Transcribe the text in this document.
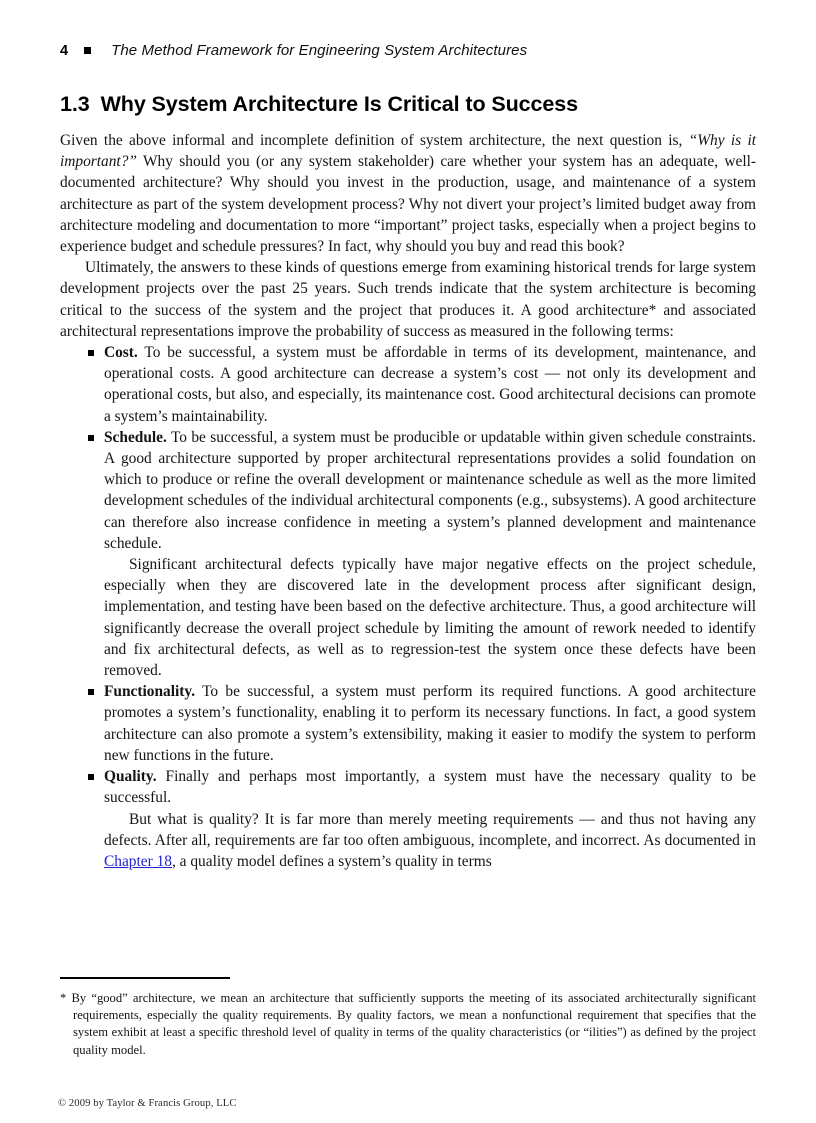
4	The Method Framework for Engineering System Architectures
1.3 Why System Architecture Is Critical to Success

Given the above informal and incomplete definition of system architecture, the next question is, “Why is it important?” Why should you (or any system stakeholder) care whether your system has an adequate, well-documented architecture? Why should you invest in the production, usage, and maintenance of a system architecture as part of the system development process? Why not divert your project’s limited budget away from architecture modeling and documentation to more “important” project tasks, especially when a project begins to experience budget and schedule pressures? In fact, why should you buy and read this book?

Ultimately, the answers to these kinds of questions emerge from examining historical trends for large system development projects over the past 25 years. Such trends indicate that the system architecture is becoming critical to the success of the system and the project that produces it. A good architecture* and associated architectural representations improve the probability of success as measured in the following terms:

Cost. To be successful, a system must be affordable in terms of its development, maintenance, and operational costs. A good architecture can decrease a system’s cost — not only its development and operational costs, but also, and especially, its maintenance cost. Good architectural decisions can promote a system’s maintainability.
Schedule. To be successful, a system must be producible or updatable within given schedule constraints. A good architecture supported by proper architectural representations provides a solid foundation on which to produce or refine the overall development or maintenance schedule as well as the more limited development schedules of the individual architectural components (e.g., subsystems). A good architecture can therefore also increase confidence in meeting a system’s planned development and maintenance schedule.

Significant architectural defects typically have major negative effects on the project schedule, especially when they are discovered late in the development process after significant design, implementation, and testing have been based on the defective architecture. Thus, a good architecture will significantly decrease the overall project schedule by limiting the amount of rework needed to identify and fix architectural defects, as well as to regression-test the system once these defects have been removed.

Functionality. To be successful, a system must perform its required functions. A good architecture promotes a system’s functionality, enabling it to perform its necessary functions. In fact, a good system architecture can also promote a system’s extensibility, making it easier to modify the system to perform new functions in the future.
Quality. Finally and perhaps most importantly, a system must have the necessary quality to be successful.

But what is quality? It is far more than merely meeting requirements — and thus not having any defects. After all, requirements are far too often ambiguous, incomplete, and incorrect. As documented in Chapter 18, a quality model defines a system’s quality in terms

* By “good” architecture, we mean an architecture that sufficiently supports the meeting of its associated architecturally significant requirements, especially the quality requirements. By quality factors, we mean a nonfunctional requirement that specifies that the system exhibit at least a specific threshold level of quality in terms of the quality characteristics (or “ilities”) as defined by the project quality model.
© 2009 by Taylor & Francis Group, LLC
